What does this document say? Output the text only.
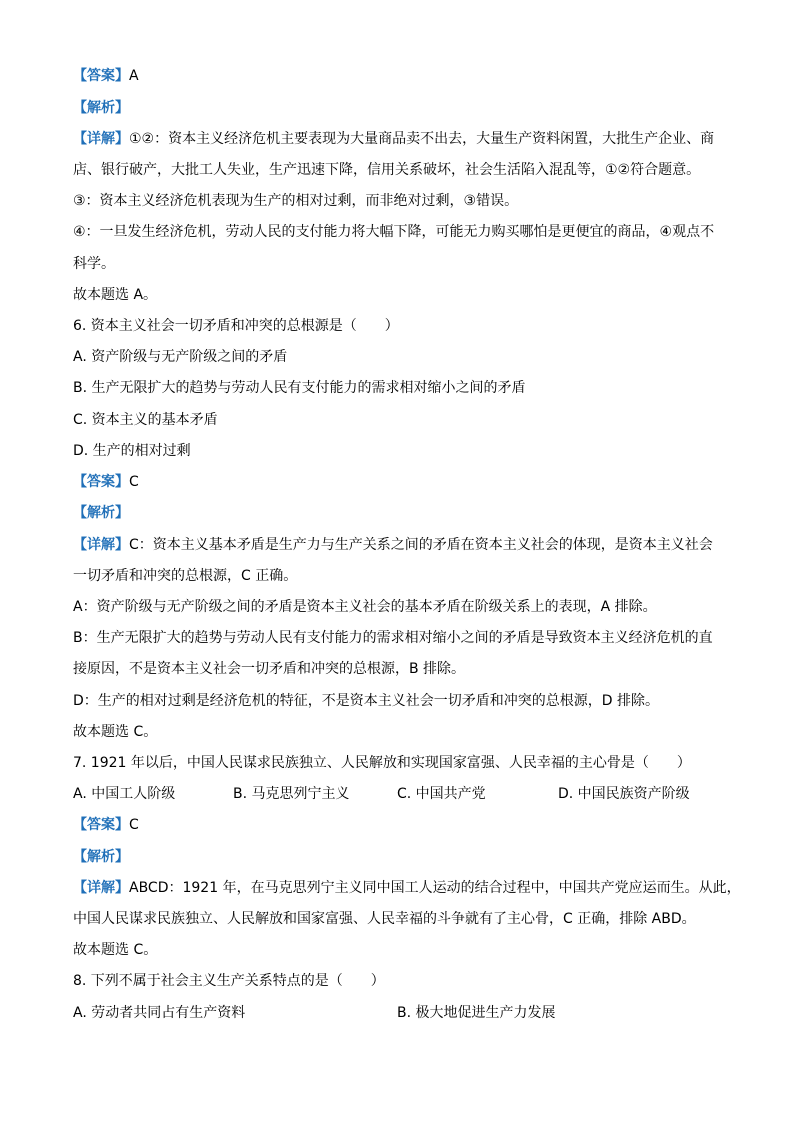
【答案】A
【解析】
【详解】①②：资本主义经济危机主要表现为大量商品卖不出去，大量生产资料闲置，大批生产企业、商
店、银行破产，大批工人失业，生产迅速下降，信用关系破坏，社会生活陷入混乱等，①②符合题意。
③：资本主义经济危机表现为生产的相对过剩，而非绝对过剩，③错误。
④：一旦发生经济危机，劳动人民的支付能力将大幅下降，可能无力购买哪怕是更便宜的商品，④观点不
科学。
故本题选 A。
6. 资本主义社会一切矛盾和冲突的总根源是（　　）
A. 资产阶级与无产阶级之间的矛盾
B. 生产无限扩大的趋势与劳动人民有支付能力的需求相对缩小之间的矛盾
C. 资本主义的基本矛盾
D. 生产的相对过剩
【答案】C
【解析】
【详解】C：资本主义基本矛盾是生产力与生产关系之间的矛盾在资本主义社会的体现，是资本主义社会
一切矛盾和冲突的总根源，C 正确。
A：资产阶级与无产阶级之间的矛盾是资本主义社会的基本矛盾在阶级关系上的表现，A 排除。
B：生产无限扩大的趋势与劳动人民有支付能力的需求相对缩小之间的矛盾是导致资本主义经济危机的直
接原因，不是资本主义社会一切矛盾和冲突的总根源，B 排除。
D：生产的相对过剩是经济危机的特征，不是资本主义社会一切矛盾和冲突的总根源，D 排除。
故本题选 C。
7. 1921 年以后，中国人民谋求民族独立、人民解放和实现国家富强、人民幸福的主心骨是（　　）
A. 中国工人阶级	B. 马克思列宁主义	C. 中国共产党	D. 中国民族资产阶级
【答案】C
【解析】
【详解】ABCD：1921 年，在马克思列宁主义同中国工人运动的结合过程中，中国共产党应运而生。从此，
中国人民谋求民族独立、人民解放和国家富强、人民幸福的斗争就有了主心骨，C 正确，排除 ABD。
故本题选 C。
8. 下列不属于社会主义生产关系特点的是（　　）
A. 劳动者共同占有生产资料	B. 极大地促进生产力发展
